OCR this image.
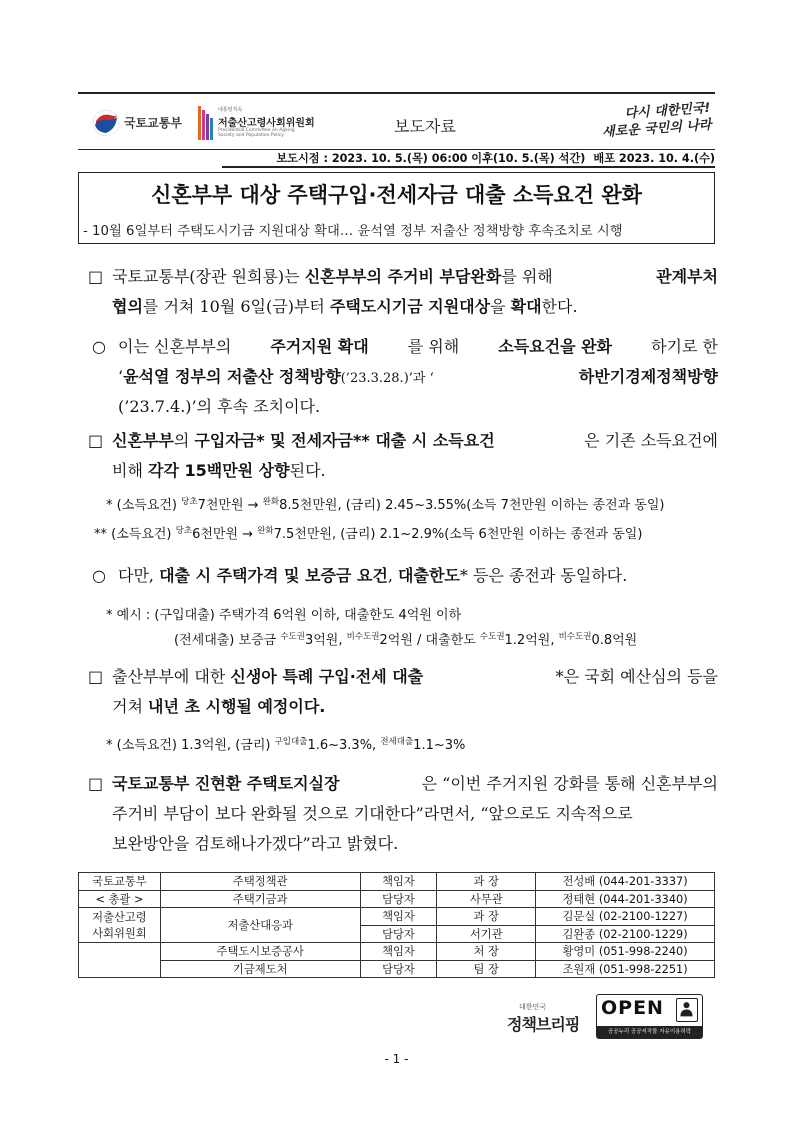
국토교통부
대통령직속
저출산고령사회위원회
Presidential Committee on Ageing Society and Population Policy	보도자료
다시 대한민국!
새로운 국민의 나라
보도시점 : 2023. 10. 5.(목) 06:00 이후(10. 5.(목) 석간) 배포 2023. 10. 4.(수)
신혼부부 대상 주택구입·전세자금 대출 소득요건 완화
- 10월 6일부터 주택도시기금 지원대상 확대… 윤석열 정부 저출산 정책방향 후속조치로 시행
□ 국토교통부(장관 원희룡)는 신혼부부의 주거비 부담완화를 위해	관계부처
협의를 거쳐 10월 6일(금)부터 주택도시기금 지원대상을 확대한다.
○ 이는 신혼부부의 주거지원 확대 를 위해 소득요건을 완화 하기로 한
‘윤석열 정부의 저출산 정책방향(’23.3.28.)’과 ‘	하반기경제정책방향
(’23.7.4.)’의 후속 조치이다.
□ 신혼부부의 구입자금* 및 전세자금** 대출 시 소득요건	은 기존 소득요건에
비해 각각 15백만원 상향된다.
* (소득요건) $^{당초}$7천만원 → $^{완화}$8.5천만원, (금리) 2.45~3.55%(소득 7천만원 이하는 종전과 동일)
** (소득요건) $^{당초}$6천만원 → $^{완화}$7.5천만원, (금리) 2.1~2.9%(소득 6천만원 이하는 종전과 동일)
○ 다만, 대출 시 주택가격 및 보증금 요건, 대출한도* 등은 종전과 동일하다.
* 예시 : (구입대출) 주택가격 6억원 이하, 대출한도 4억원 이하
(전세대출) 보증금 $^{수도권}$3억원, $^{비수도권}$2억원 / 대출한도 $^{수도권}$1.2억원, $^{비수도권}$0.8억원
□ 출산부부에 대한 신생아 특례 구입·전세 대출	*은 국회 예산심의 등을
거쳐 내년 초 시행될 예정이다.
* (소득요건) 1.3억원, (금리) $^{구입대출}$1.6~3.3%, $^{전세대출}$1.1~3%
□ 국토교통부 진현환 주택토지실장	은 “이번 주거지원 강화를 통해 신혼부부의
주거비 부담이 보다 완화될 것으로 기대한다”라면서, “앞으로도 지속적으로
보완방안을 검토해나가겠다”라고 밝혔다.
국토교통부	주택정책관	책임자	과 장	전성배 (044-201-3337)
< 총괄 >	주택기금과	담당자	사무관	정태현 (044-201-3340)

저출산고령
사회위원회	저출산대응과	책임자	과 장	김문실 (02-2100-1227)
		담당자	서기관	김완종 (02-2100-1229)
	주택도시보증공사	책임자	처 장	황영미 (051-998-2240)
	기금제도처	담당자	팀 장	조원재 (051-998-2251)
대한민국
정책브리핑
OPEN
공공누리 공공저작물 자유이용허락
- 1 -
